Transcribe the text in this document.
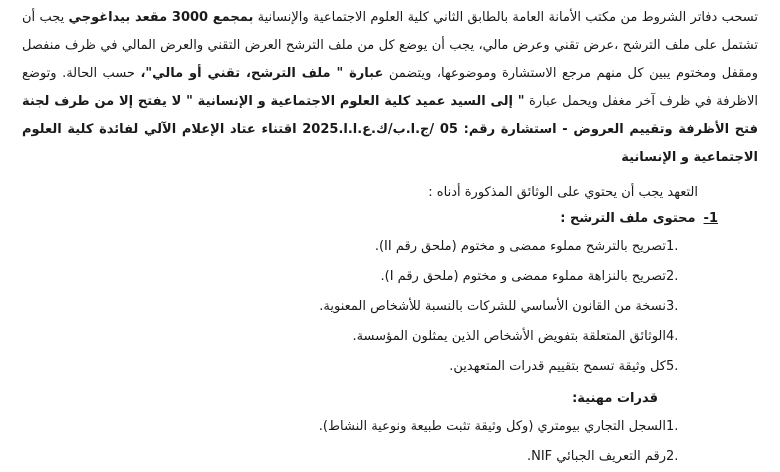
تسحب دفاتر الشروط من مكتب الأمانة العامة بالطابق الثاني كلية العلوم الاجتماعية والإنسانية بمجمع 3000 مقعد بيداغوجي يجب أن تشتمل على ملف الترشح ،عرض تقني وعرض مالي، يجب أن يوضع كل من ملف الترشح العرض التقني والعرض المالي في ظرف منفصل ومقفل ومختوم يبين كل منهم مرجع الاستشارة وموضوعها، ويتضمن عبارة " ملف الترشح، تقني أو مالي"، حسب الحالة. وتوضع الاظرفة في ظرف آخر مغفل ويحمل عبارة " إلى السيد عميد كلية العلوم الاجتماعية و الإنسانية " لا يفتح إلا من طرف لجنة فتح الأظرفة وتقييم العروض - استشارة رقم: 05 /ج.ا.ب/ك.ع.ا.ا.2025 اقتناء عتاد الإعلام الآلي لفائدة كلية العلوم الاجتماعية و الإنسانية

التعهد يجب أن يحتوي على الوثائق المذكورة أدناه :
1-محتوى ملف الترشح :
1.تصريح بالترشح مملوء ممضى و مختوم (ملحق رقم II).
2.تصريح بالنزاهة مملوء ممضى و مختوم (ملحق رقم I).
3.نسخة من القانون الأساسي للشركات بالنسبة للأشخاص المعنوية.
4.الوثائق المتعلقة بتفويض الأشخاص الذين يمثلون المؤسسة.
5.كل وثيقة تسمح بتقييم قدرات المتعهدين.
قدرات مهنية:
1.السجل التجاري بيومتري (وكل وثيقة تثبت طبيعة ونوعية النشاط).
2.رقم التعريف الجبائي NIF.
